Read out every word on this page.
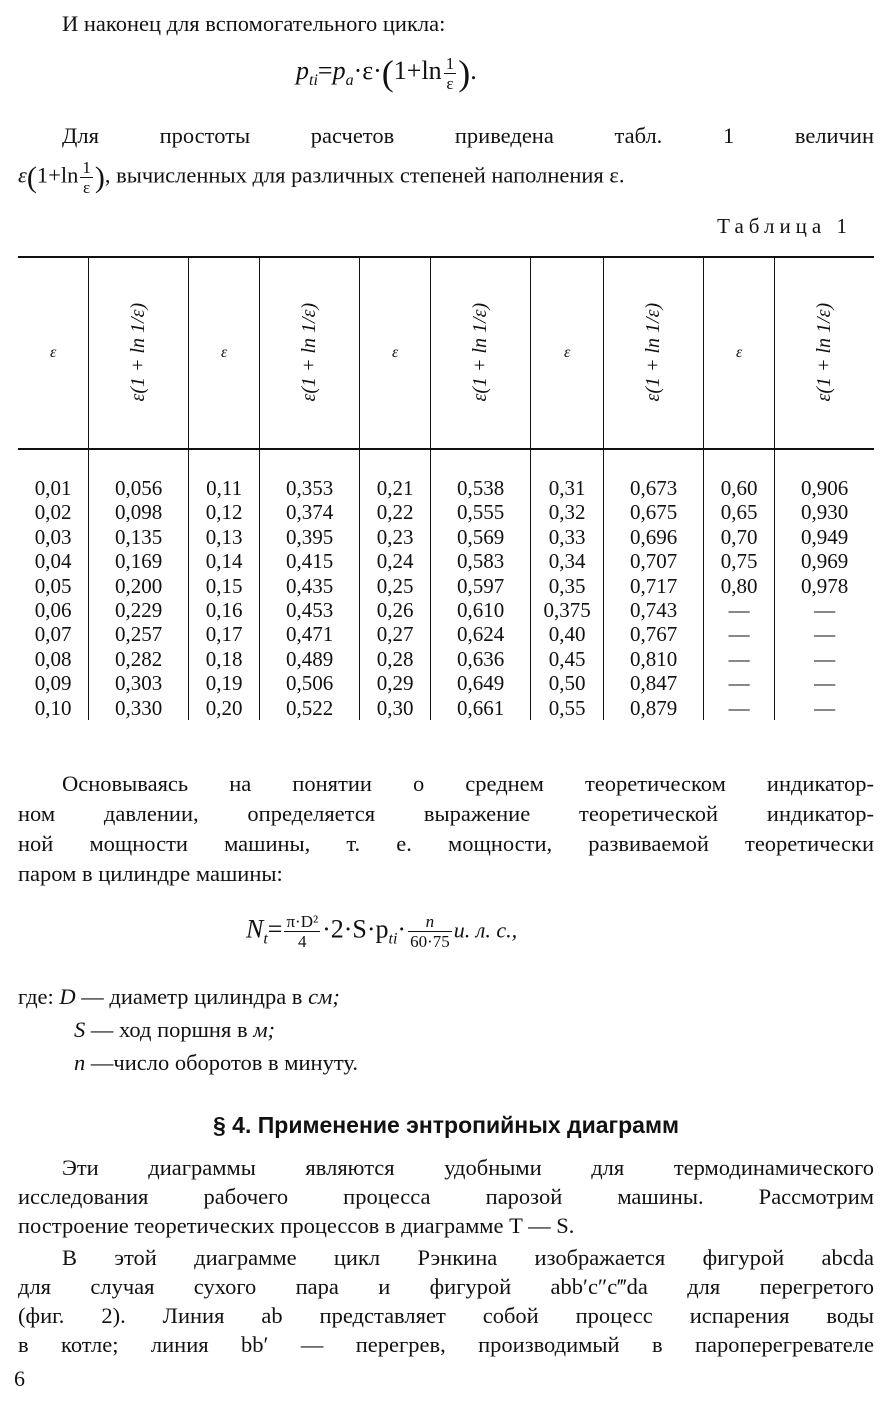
И наконец для вспомогательного цикла:
$p_{ti}=p_a\cdot\varepsilon\cdot(1+\ln \frac{1}{\varepsilon}$ ).
Для простоты расчетов приведена табл. 1 величин
$\varepsilon(1+\ln \frac{1}{\varepsilon}$ ), вычисленных для различных степеней наполнения ε.
Таблица 1
ε	ε(1 + ln 1/ε)	ε	ε(1 + ln 1/ε)	ε	ε(1 + ln 1/ε)	ε	ε(1 + ln 1/ε)	ε	ε(1 + ln 1/ε)

0,01	0,056	0,11	0,353	0,21	0,538	0,31	0,673	0,60	0,906
0,02	0,098	0,12	0,374	0,22	0,555	0,32	0,675	0,65	0,930
0,03	0,135	0,13	0,395	0,23	0,569	0,33	0,696	0,70	0,949
0,04	0,169	0,14	0,415	0,24	0,583	0,34	0,707	0,75	0,969
0,05	0,200	0,15	0,435	0,25	0,597	0,35	0,717	0,80	0,978
0,06	0,229	0,16	0,453	0,26	0,610	0,375	0,743	—	—
0,07	0,257	0,17	0,471	0,27	0,624	0,40	0,767	—	—
0,08	0,282	0,18	0,489	0,28	0,636	0,45	0,810	—	—
0,09	0,303	0,19	0,506	0,29	0,649	0,50	0,847	—	—
0,10	0,330	0,20	0,522	0,30	0,661	0,55	0,879	—	—
Основываясь на понятии о среднем теоретическом индикатор-
ном давлении, определяется выражение теоретической индикатор-
ной мощности машины, т. е. мощности, развиваемой теоретически
паром в цилиндре машины:
$N_t= \frac{\text{π·D²}}{4} \cdot 2\cdot S\cdot p_{ti}\cdot \frac{n}{60\cdot 75} и$. л. с.,
где: D — диаметр цилиндра в см;
S — ход поршня в м;
n —число оборотов в минуту.
§ 4. Применение энтропийных диаграмм
Эти диаграммы являются удобными для термодинамического
исследования рабочего процесса парозой машины. Рассмотрим
построение теоретических процессов в диаграмме T — S.
В этой диаграмме цикл Рэнкина изображается фигурой abcda
для случая сухого пара и фигурой abb′c″c‴da для перегретого
(фиг. 2). Линия ab представляет собой процесс испарения воды
в котле; линия bb′ — перегрев, производимый в пароперегревателе
6
